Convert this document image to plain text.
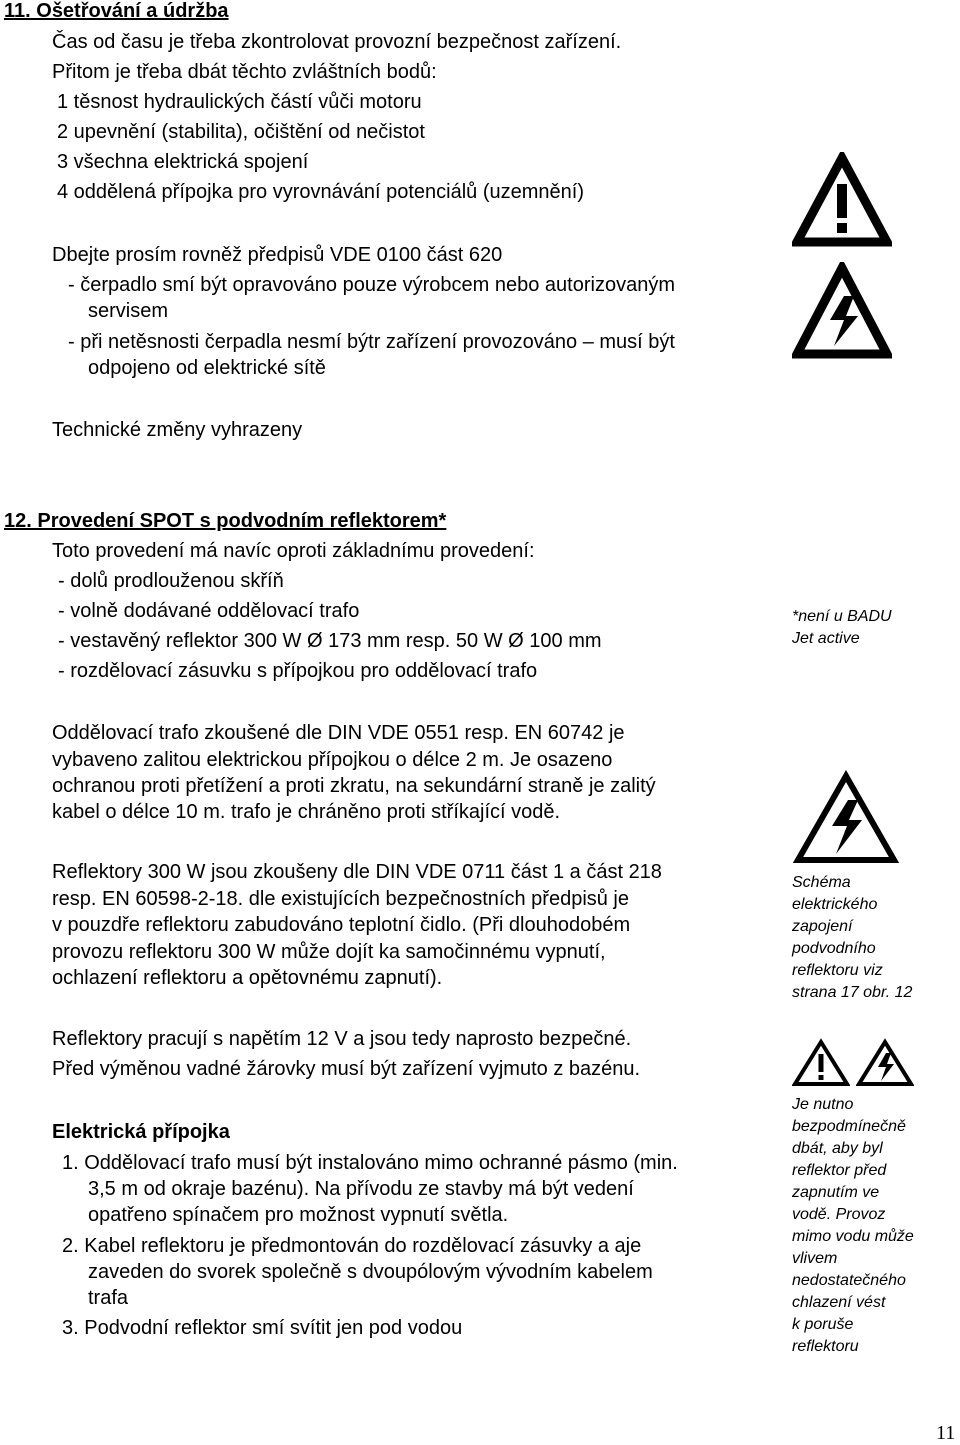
11. Ošetřování a údržba
Čas od času je třeba zkontrolovat provozní bezpečnost zařízení.
Přitom je třeba dbát těchto zvláštních bodů:
1 těsnost hydraulických částí vůči motoru
2 upevnění (stabilita), očištění od nečistot
3 všechna elektrická spojení
4 oddělená přípojka pro vyrovnávání potenciálů (uzemnění)
Dbejte prosím rovněž předpisů VDE 0100 část 620
- čerpadlo smí být opravováno pouze výrobcem nebo autorizovaným
servisem
- při netěsnosti čerpadla nesmí býtr zařízení provozováno – musí být
odpojeno od elektrické sítě
Technické změny vyhrazeny
12. Provedení SPOT s podvodním reflektorem*
Toto provedení má navíc oproti základnímu provedení:
- dolů prodlouženou skříň
- volně dodávané oddělovací trafo
- vestavěný reflektor 300 W Ø 173 mm resp. 50 W Ø 100 mm
- rozdělovací zásuvku s přípojkou pro oddělovací trafo
Oddělovací trafo zkoušené dle DIN VDE 0551 resp. EN 60742 je
vybaveno zalitou elektrickou přípojkou o délce 2 m. Je osazeno
ochranou proti přetížení a proti zkratu, na sekundární straně je zalitý
kabel o délce 10 m. trafo je chráněno proti stříkající vodě.
Reflektory 300 W jsou zkoušeny dle DIN VDE 0711 část 1 a část 218
resp. EN 60598-2-18. dle existujících bezpečnostních předpisů je
v pouzdře reflektoru zabudováno teplotní čidlo. (Při dlouhodobém
provozu reflektoru 300 W může dojít ka samočinnému vypnutí,
ochlazení reflektoru a opětovnému zapnutí).
Reflektory pracují s napětím 12 V a jsou tedy naprosto bezpečné.
Před výměnou vadné žárovky musí být zařízení vyjmuto z bazénu.
Elektrická přípojka
1. Oddělovací trafo musí být instalováno mimo ochranné pásmo (min.
3,5 m od okraje bazénu). Na přívodu ze stavby má být vedení
opatřeno spínačem pro možnost vypnutí světla.
2. Kabel reflektoru je předmontován do rozdělovací zásuvky a aje
zaveden do svorek společně s dvoupólovým vývodním kabelem
trafa
3. Podvodní reflektor smí svítit jen pod vodou
*není u BADU
Jet active
Schéma
elektrického
zapojení
podvodního
reflektoru viz
strana 17 obr. 12
Je nutno
bezpodmínečně
dbát, aby byl
reflektor před
zapnutím ve
vodě. Provoz
mimo vodu může
vlivem
nedostatečného
chlazení vést
k poruše
reflektoru
11
